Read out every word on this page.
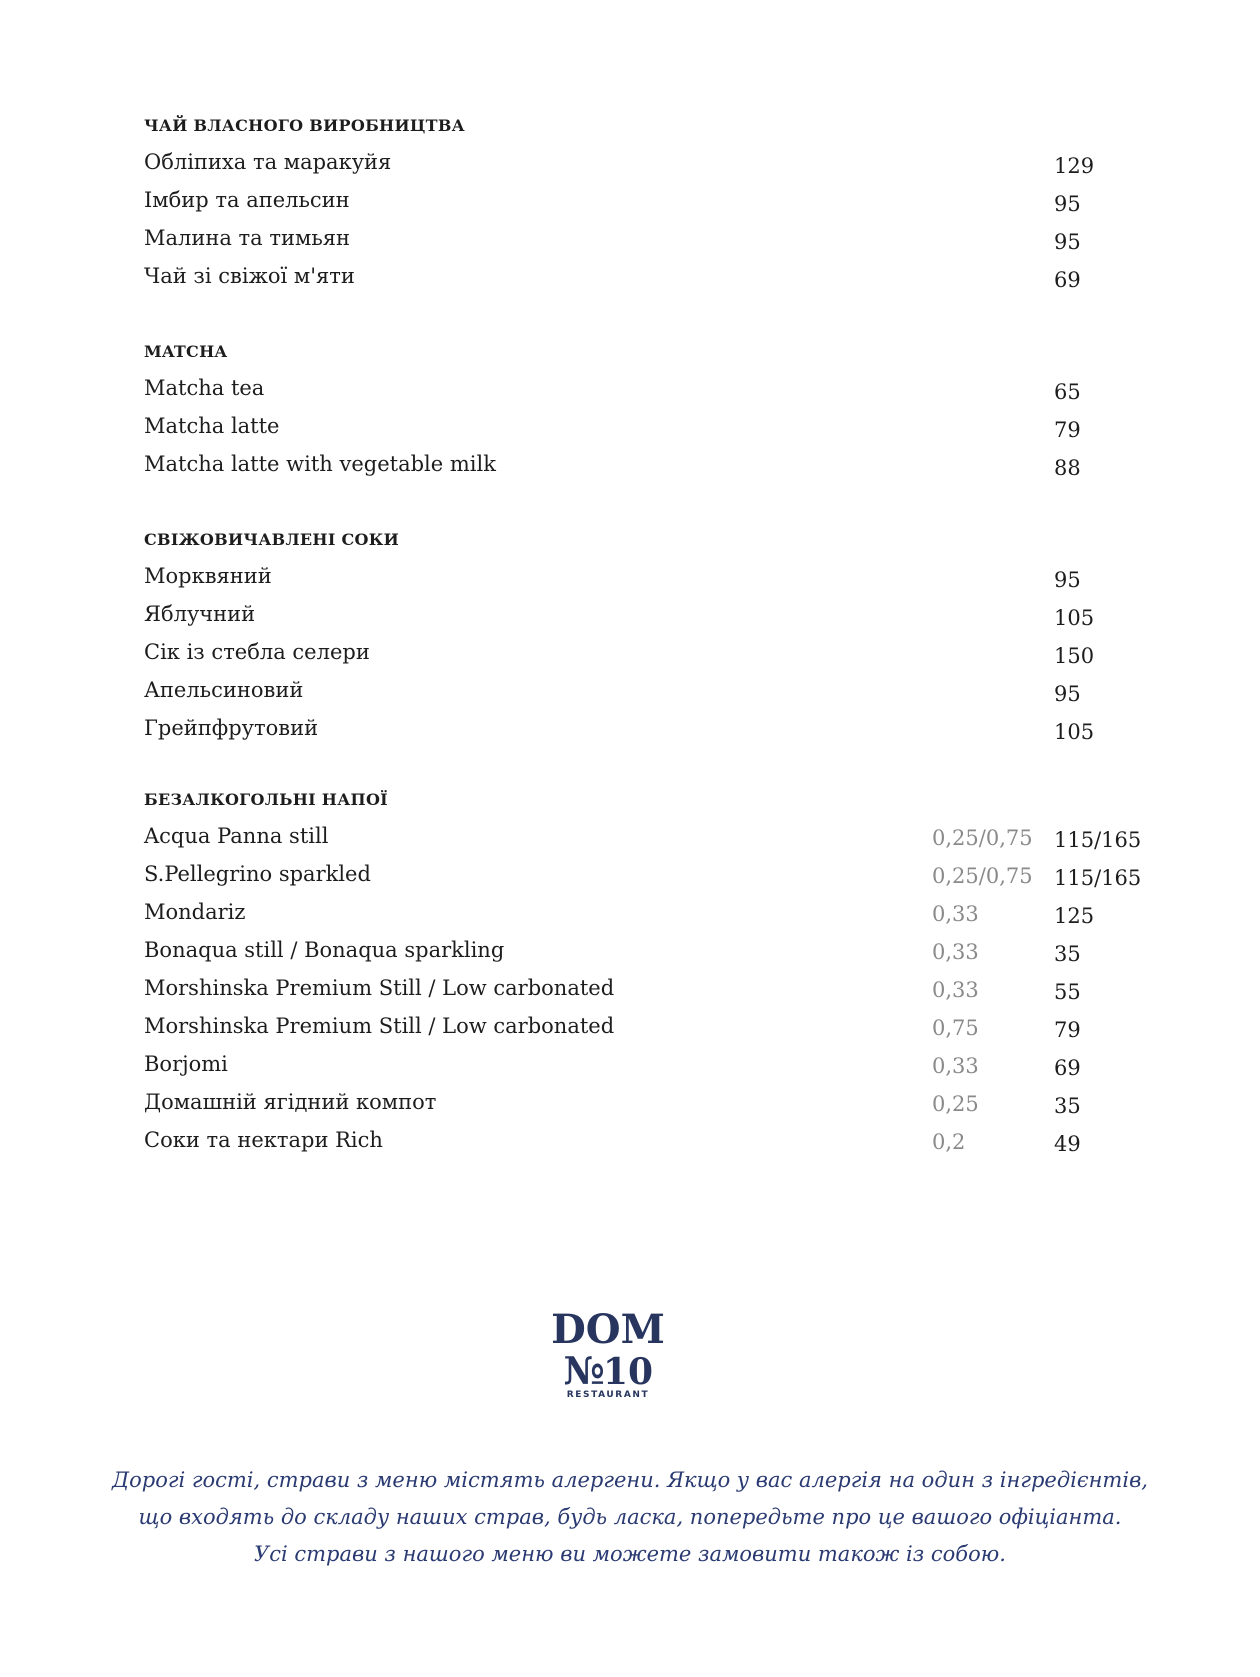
ЧАЙ ВЛАСНОГО ВИРОБНИЦТВА
Обліпиха та маракуйя	129
Імбир та апельсин	95
Малина та тимьян	95
Чай зі свіжої м'яти	69
MATCHA
Matcha tea	65
Matcha latte	79
Matcha latte with vegetable milk	88
СВІЖОВИЧАВЛЕНІ СОКИ
Морквяний	95
Яблучний	105
Сік із стебла селери	150
Апельсиновий	95
Грейпфрутовий	105
БЕЗАЛКОГОЛЬНІ НАПОЇ
Acqua Panna still	0,25/0,75 115/165
S.Pellegrino sparkled	0,25/0,75 115/165
Mondariz	0,33	125
Bonaqua still / Bonaqua sparkling	0,33	35
Morshinska Premium Still / Low carbonated	0,33	55
Morshinska Premium Still / Low carbonated	0,75	79
Borjomi	0,33	69
Домашній ягідний компот	0,25	35
Соки та нектари Rich	0,2	49
DOM
№
10
RESTAURANT
Дорогі гості, страви з меню містять алергени. Якщо у вас алергія на один з інгредієнтів,
що входять до складу наших страв, будь ласка, попередьте про це вашого офіціанта.
Усі страви з нашого меню ви можете замовити також із собою.
